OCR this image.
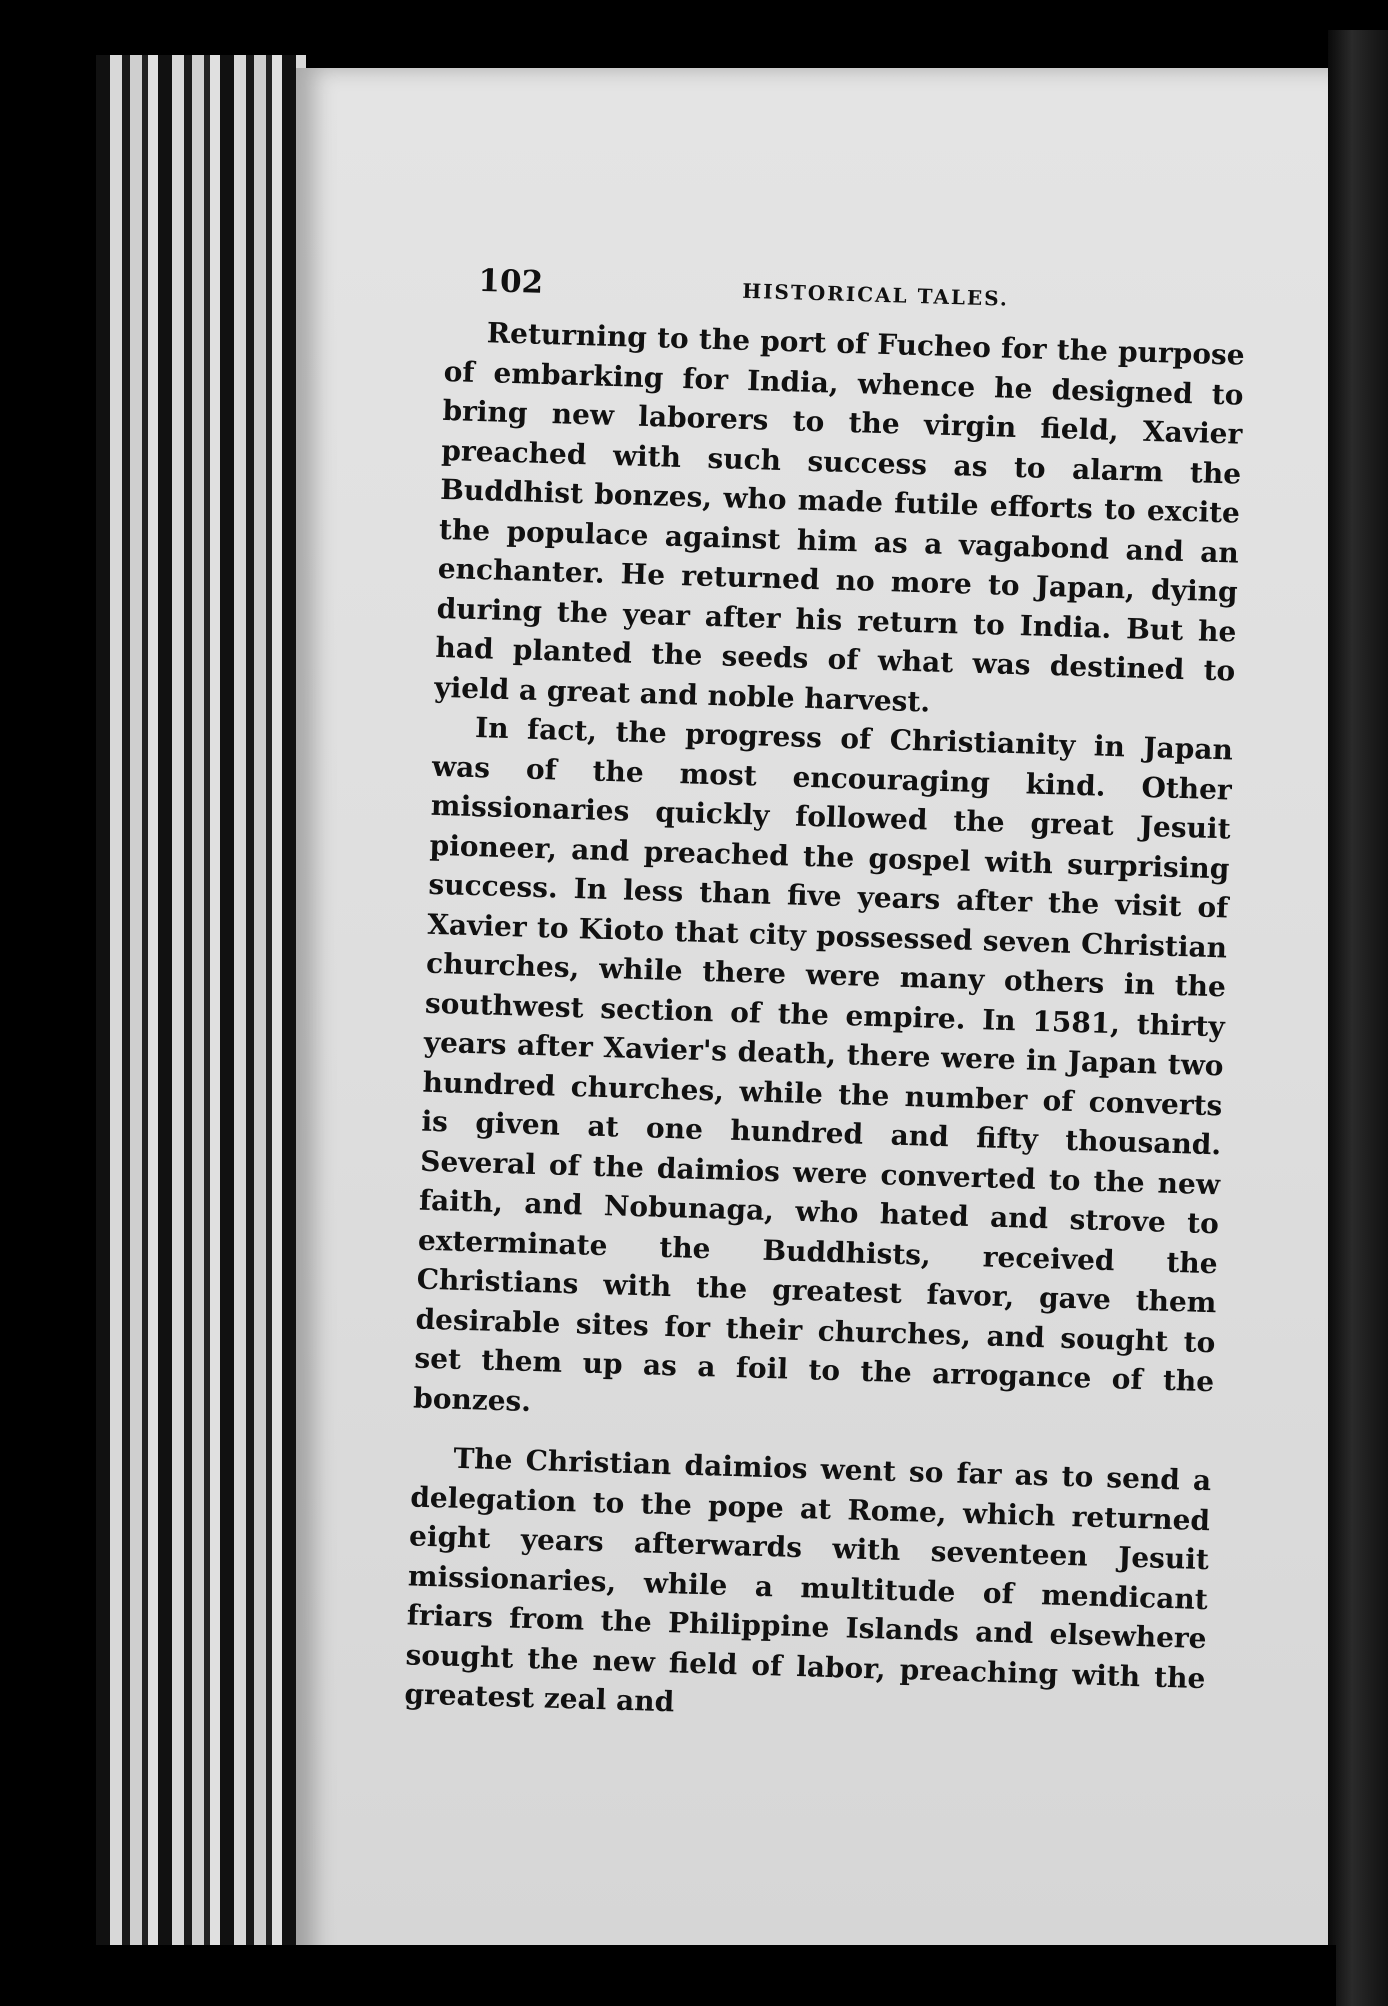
102	HISTORICAL TALES.

Returning to the port of Fucheo for the purpose of embarking for India, whence he designed to bring new laborers to the virgin field, Xavier preached with such success as to alarm the Buddhist bonzes, who made futile efforts to excite the populace against him as a vagabond and an enchanter. He returned no more to Japan, dying during the year after his return to India. But he had planted the seeds of what was destined to yield a great and noble harvest.

In fact, the progress of Christianity in Japan was of the most encouraging kind. Other missionaries quickly followed the great Jesuit pioneer, and preached the gospel with surprising success. In less than five years after the visit of Xavier to Kioto that city possessed seven Christian churches, while there were many others in the southwest section of the empire. In 1581, thirty years after Xavier's death, there were in Japan two hundred churches, while the number of converts is given at one hundred and fifty thousand. Several of the daimios were converted to the new faith, and Nobunaga, who hated and strove to exterminate the Buddhists, received the Christians with the greatest favor, gave them desirable sites for their churches, and sought to set them up as a foil to the arrogance of the bonzes.

The Christian daimios went so far as to send a delegation to the pope at Rome, which returned eight years afterwards with seventeen Jesuit missionaries, while a multitude of mendicant friars from the Philippine Islands and elsewhere sought the new field of labor, preaching with the greatest zeal and
